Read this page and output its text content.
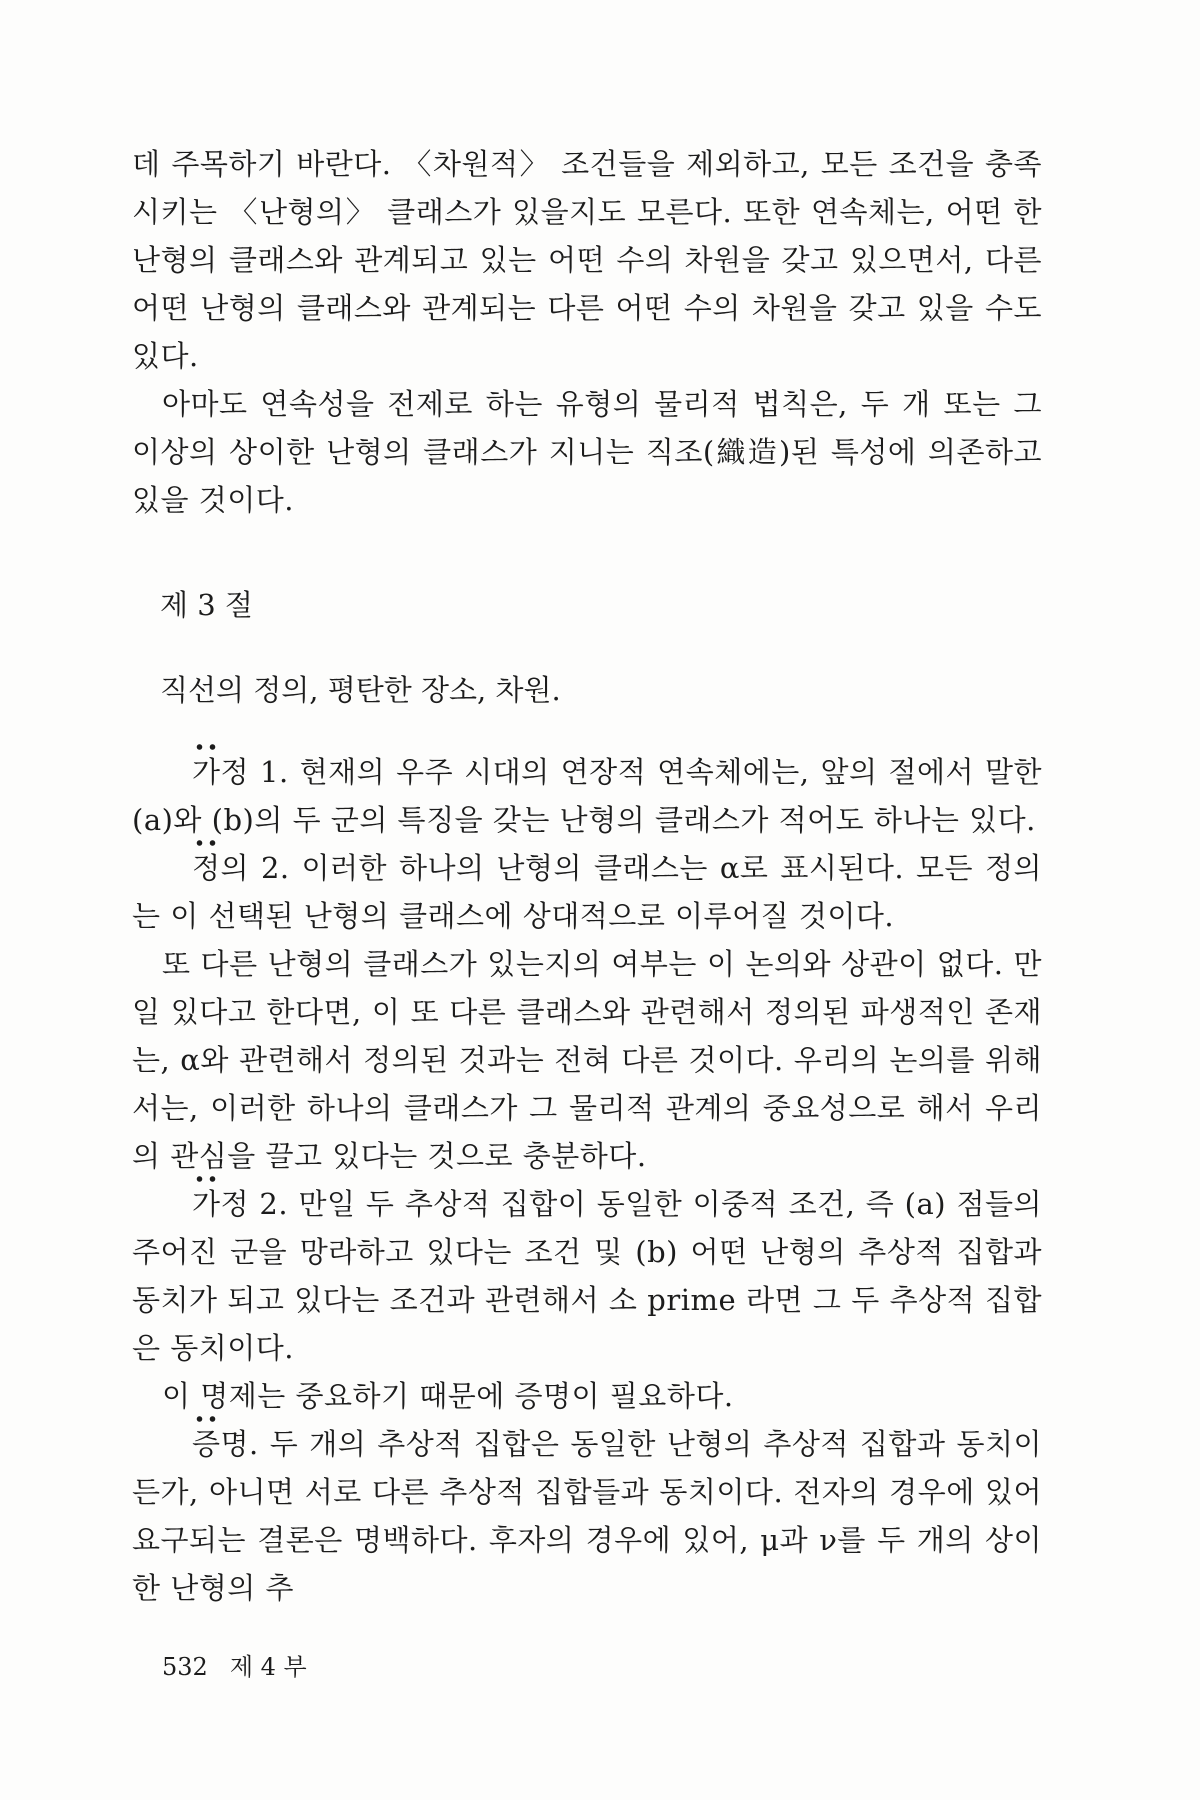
데 주목하기 바란다. 〈차원적〉 조건들을 제외하고, 모든 조건을 충족시키는 〈난형의〉 클래스가 있을지도 모른다. 또한 연속체는, 어떤 한 난형의 클래스와 관계되고 있는 어떤 수의 차원을 갖고 있으면서, 다른 어떤 난형의 클래스와 관계되는 다른 어떤 수의 차원을 갖고 있을 수도 있다.

아마도 연속성을 전제로 하는 유형의 물리적 법칙은, 두 개 또는 그 이상의 상이한 난형의 클래스가 지니는 직조(織造)된 특성에 의존하고 있을 것이다.

제 3 절
직선의 정의, 평탄한 장소, 차원.

가정 1. 현재의 우주 시대의 연장적 연속체에는, 앞의 절에서 말한 (a)와 (b)의 두 군의 특징을 갖는 난형의 클래스가 적어도 하나는 있다.

정의 2. 이러한 하나의 난형의 클래스는 α로 표시된다. 모든 정의는 이 선택된 난형의 클래스에 상대적으로 이루어질 것이다.

또 다른 난형의 클래스가 있는지의 여부는 이 논의와 상관이 없다. 만일 있다고 한다면, 이 또 다른 클래스와 관련해서 정의된 파생적인 존재는, α와 관련해서 정의된 것과는 전혀 다른 것이다. 우리의 논의를 위해서는, 이러한 하나의 클래스가 그 물리적 관계의 중요성으로 해서 우리의 관심을 끌고 있다는 것으로 충분하다.

가정 2. 만일 두 추상적 집합이 동일한 이중적 조건, 즉 (a) 점들의 주어진 군을 망라하고 있다는 조건 및 (b) 어떤 난형의 추상적 집합과 동치가 되고 있다는 조건과 관련해서 소 prime 라면 그 두 추상적 집합은 동치이다.

이 명제는 중요하기 때문에 증명이 필요하다.

증명. 두 개의 추상적 집합은 동일한 난형의 추상적 집합과 동치이든가, 아니면 서로 다른 추상적 집합들과 동치이다. 전자의 경우에 있어 요구되는 결론은 명백하다. 후자의 경우에 있어, μ과 ν를 두 개의 상이한 난형의 추

532 제 4 부
